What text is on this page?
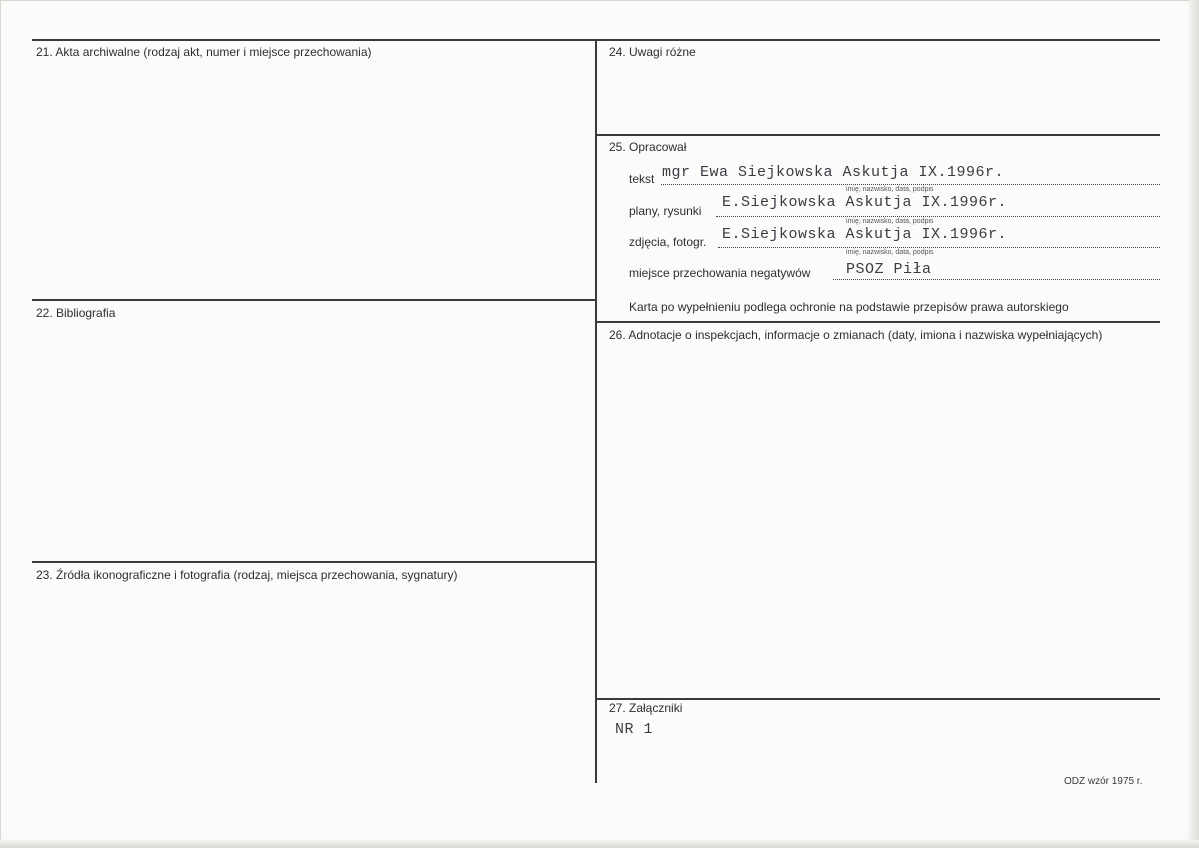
21. Akta archiwalne (rodzaj akt, numer i miejsce przechowania)
22. Bibliografia
23. Źródła ikonograficzne i fotografia (rodzaj, miejsca przechowania, sygnatury)
24. Uwagi różne
25. Opracował
26. Adnotacje o inspekcjach, informacje o zmianach (daty, imiona i nazwiska wypełniających)
27. Załączniki
tekst mgr Ewa Siejkowska Askutja IX.1996r.
imię, nazwisko, data, podpis
plany, rysunki E.Siejkowska Askutja IX.1996r.
imię, nazwisko, data, podpis
zdjęcia, fotogr. E.Siejkowska Askutja IX.1996r.
imię, nazwisko, data, podpis
miejsce przechowania negatywów PSOZ Piła
Karta po wypełnieniu podlega ochronie na podstawie przepisów prawa autorskiego
NR 1
ODZ wzór 1975 r.
